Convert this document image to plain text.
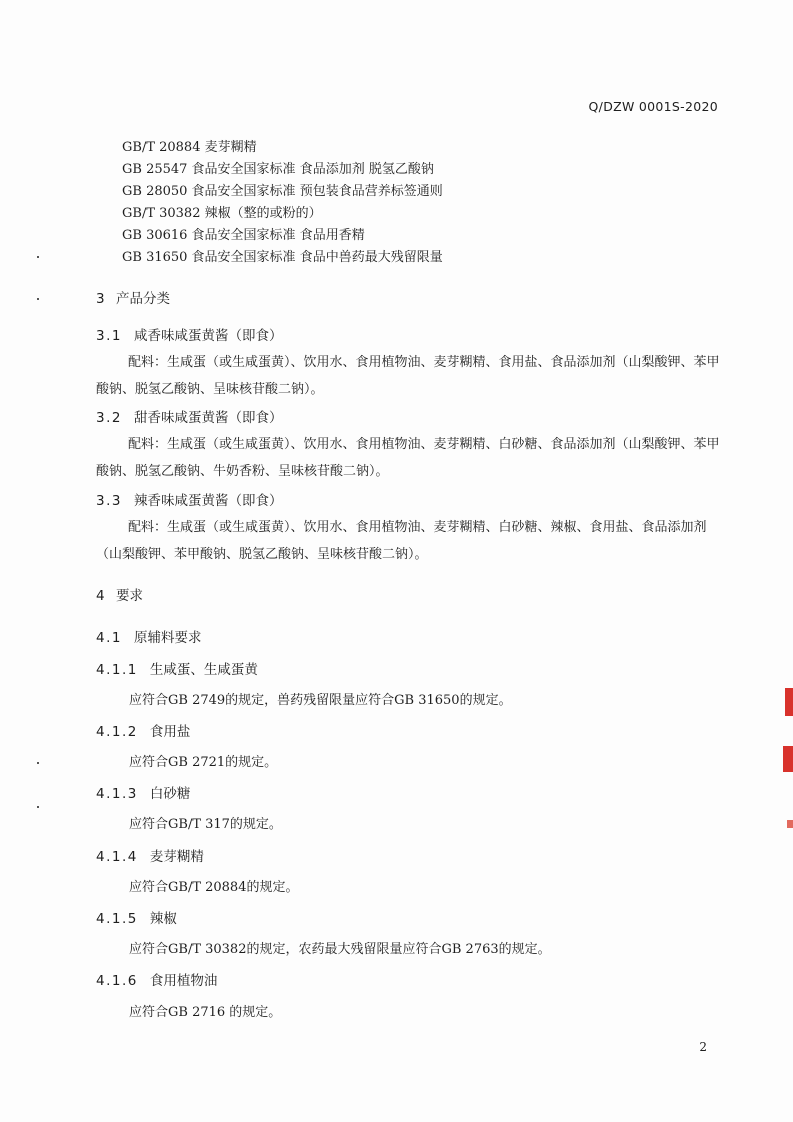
Q/DZW 0001S-2020
GB/T 20884 麦芽糊精
GB 25547 食品安全国家标准 食品添加剂 脱氢乙酸钠
GB 28050 食品安全国家标准 预包装食品营养标签通则
GB/T 30382 辣椒（整的或粉的）
GB 30616 食品安全国家标准 食品用香精
GB 31650 食品安全国家标准 食品中兽药最大残留限量
3 产品分类
3.1 咸香味咸蛋黄酱（即食）
配料：生咸蛋（或生咸蛋黄）、饮用水、食用植物油、麦芽糊精、食用盐、食品添加剂（山梨酸钾、苯甲酸钠、脱氢乙酸钠、呈味核苷酸二钠）。
3.2 甜香味咸蛋黄酱（即食）
配料：生咸蛋（或生咸蛋黄）、饮用水、食用植物油、麦芽糊精、白砂糖、食品添加剂（山梨酸钾、苯甲酸钠、脱氢乙酸钠、牛奶香粉、呈味核苷酸二钠）。
3.3 辣香味咸蛋黄酱（即食）
配料：生咸蛋（或生咸蛋黄）、饮用水、食用植物油、麦芽糊精、白砂糖、辣椒、食用盐、食品添加剂（山梨酸钾、苯甲酸钠、脱氢乙酸钠、呈味核苷酸二钠）。
4 要求
4.1 原辅料要求
4.1.1 生咸蛋、生咸蛋黄
应符合GB 2749的规定，兽药残留限量应符合GB 31650的规定。
4.1.2 食用盐
应符合GB 2721的规定。
4.1.3 白砂糖
应符合GB/T 317的规定。
4.1.4 麦芽糊精
应符合GB/T 20884的规定。
4.1.5 辣椒
应符合GB/T 30382的规定，农药最大残留限量应符合GB 2763的规定。
4.1.6 食用植物油
应符合GB 2716 的规定。
2
